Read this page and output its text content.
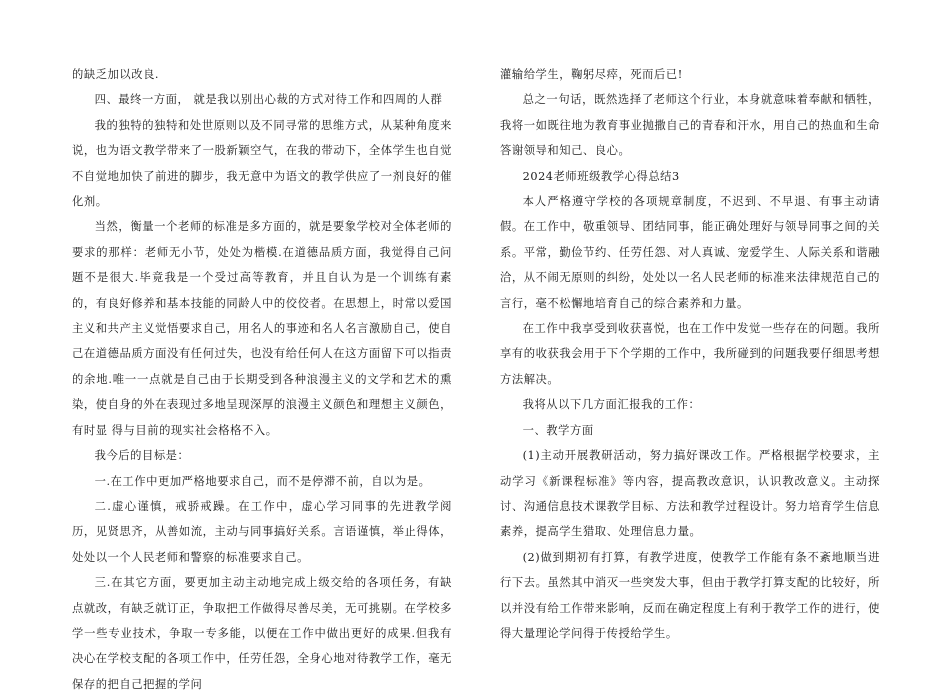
的缺乏加以改良.

四、最终一方面， 就是我以别出心裁的方式对待工作和四周的人群

我的独特的独特和处世原则以及不同寻常的思维方式，从某种角度来说，也为语文教学带来了一股新颖空气，在我的带动下，全体学生也自觉不自觉地加快了前进的脚步，我无意中为语文的教学供应了一剂良好的催化剂。

当然，衡量一个老师的标准是多方面的，就是要象学校对全体老师的要求的那样：老师无小节，处处为楷模.在道德品质方面，我觉得自己问题不是很大.毕竟我是一个受过高等教育，并且自认为是一个训练有素的，有良好修养和基本技能的同龄人中的佼佼者。在思想上，时常以爱国主义和共产主义觉悟要求自己，用名人的事迹和名人名言激励自己，使自己在道德品质方面没有任何过失，也没有给任何人在这方面留下可以指责的余地.唯一一点就是自己由于长期受到各种浪漫主义的文学和艺术的熏染，使自身的外在表现过多地呈现深厚的浪漫主义颜色和理想主义颜色，有时显 得与目前的现实社会格格不入。

我今后的目标是：

一.在工作中更加严格地要求自己，而不是停滞不前，自以为是。

二.虚心谨慎，戒骄戒躁。在工作中，虚心学习同事的先进教学阅历，见贤思齐，从善如流，主动与同事搞好关系。言语谨慎，举止得体，处处以一个人民老师和警察的标准要求自己。

三.在其它方面，要更加主动主动地完成上级交给的各项任务，有缺点就改，有缺乏就订正，争取把工作做得尽善尽美，无可挑剔。在学校多学一些专业技术，争取一专多能，以便在工作中做出更好的成果.但我有决心在学校支配的各项工作中，任劳任怨，全身心地对待教学工作，毫无保存的把自己把握的学问

灌输给学生，鞠躬尽瘁，死而后已!

总之一句话，既然选择了老师这个行业，本身就意味着奉献和牺牲，我将一如既往地为教育事业抛撒自己的青春和汗水，用自己的热血和生命答谢领导和知己、良心。

2024老师班级教学心得总结3

本人严格遵守学校的各项规章制度，不迟到、不早退、有事主动请假。在工作中，敬重领导、团结同事，能正确处理好与领导同事之间的关系。平常，勤俭节约、任劳任怨、对人真诚、宠爱学生、人际关系和谐融洽，从不闹无原则的纠纷，处处以一名人民老师的标准来法律规范自己的言行，毫不松懈地培育自己的综合素养和力量。

在工作中我享受到收获喜悦，也在工作中发觉一些存在的问题。我所享有的收获我会用于下个学期的工作中，我所碰到的问题我要仔细思考想方法解决。

我将从以下几方面汇报我的工作：

一、教学方面

(1)主动开展教研活动，努力搞好课改工作。严格根据学校要求，主动学习《新课程标准》等内容，提高教改意识，认识教改意义。主动探讨、沟通信息技术课教学目标、方法和教学过程设计。努力培育学生信息素养，提高学生猎取、处理信息力量。

(2)做到期初有打算，有教学进度，使教学工作能有条不紊地顺当进行下去。虽然其中消灭一些突发大事，但由于教学打算支配的比较好，所以并没有给工作带来影响，反而在确定程度上有利于教学工作的进行，使得大量理论学问得于传授给学生。
